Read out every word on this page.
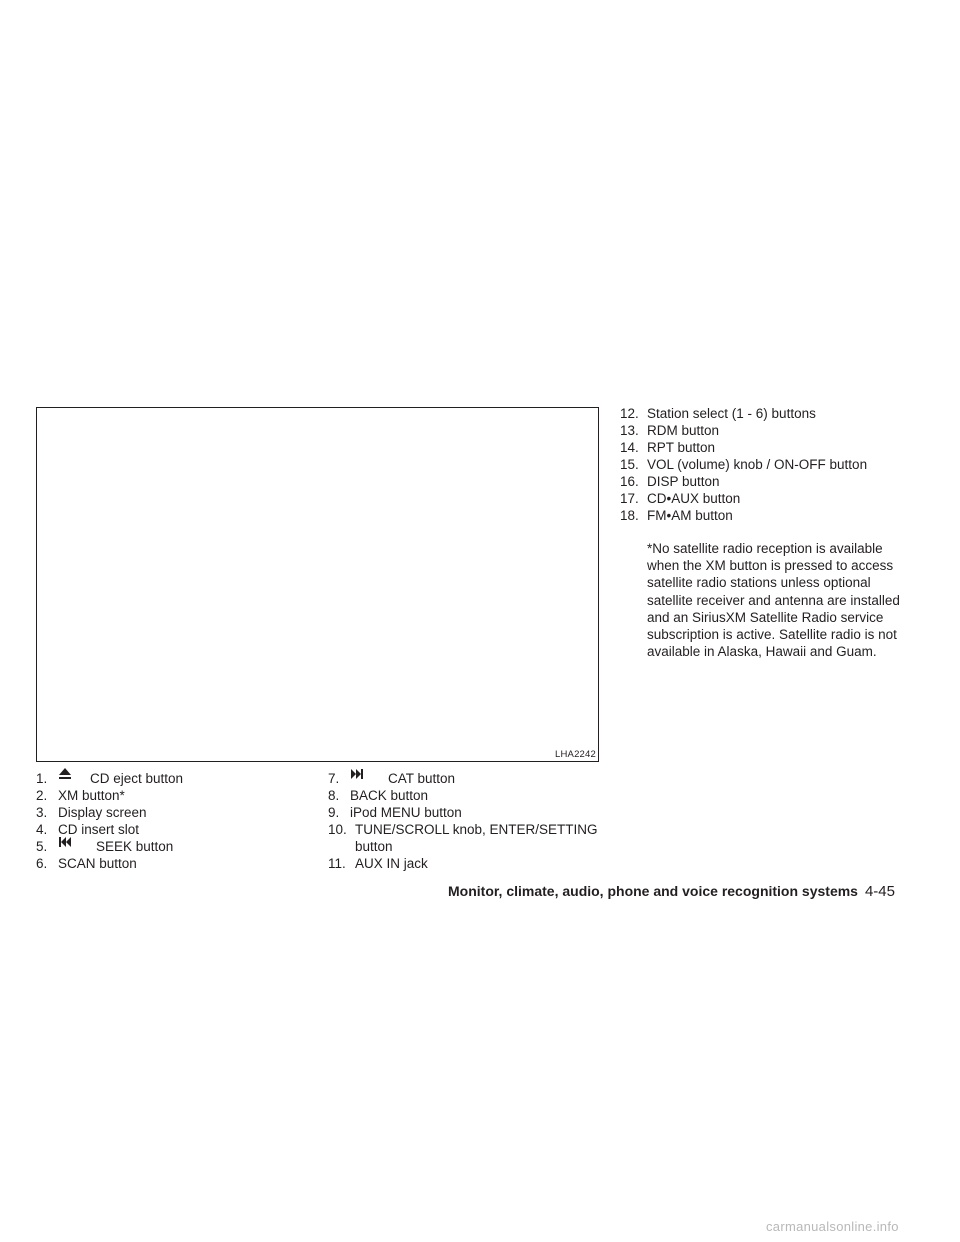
LHA2242
1.	CD eject button
2. XM button*
3. Display screen
4. CD insert slot
5.	SEEK button
6. SCAN button
7.	CAT button
8. BACK button
9. iPod MENU button
10. TUNE/SCROLL knob, ENTER/SETTING
button
11. AUX IN jack
12. Station select (1 - 6) buttons
13. RDM button
14. RPT button
15. VOL (volume) knob / ON-OFF button
16. DISP button
17. CD•AUX button
18. FM•AM button

*No satellite radio reception is available when the XM button is pressed to access satellite radio stations unless optional satellite receiver and antenna are installed and an SiriusXM Satellite Radio service subscription is active. Satellite radio is not available in Alaska, Hawaii and Guam.

Monitor, climate, audio, phone and voice recognition systems 4-45
carmanualsonline.info
